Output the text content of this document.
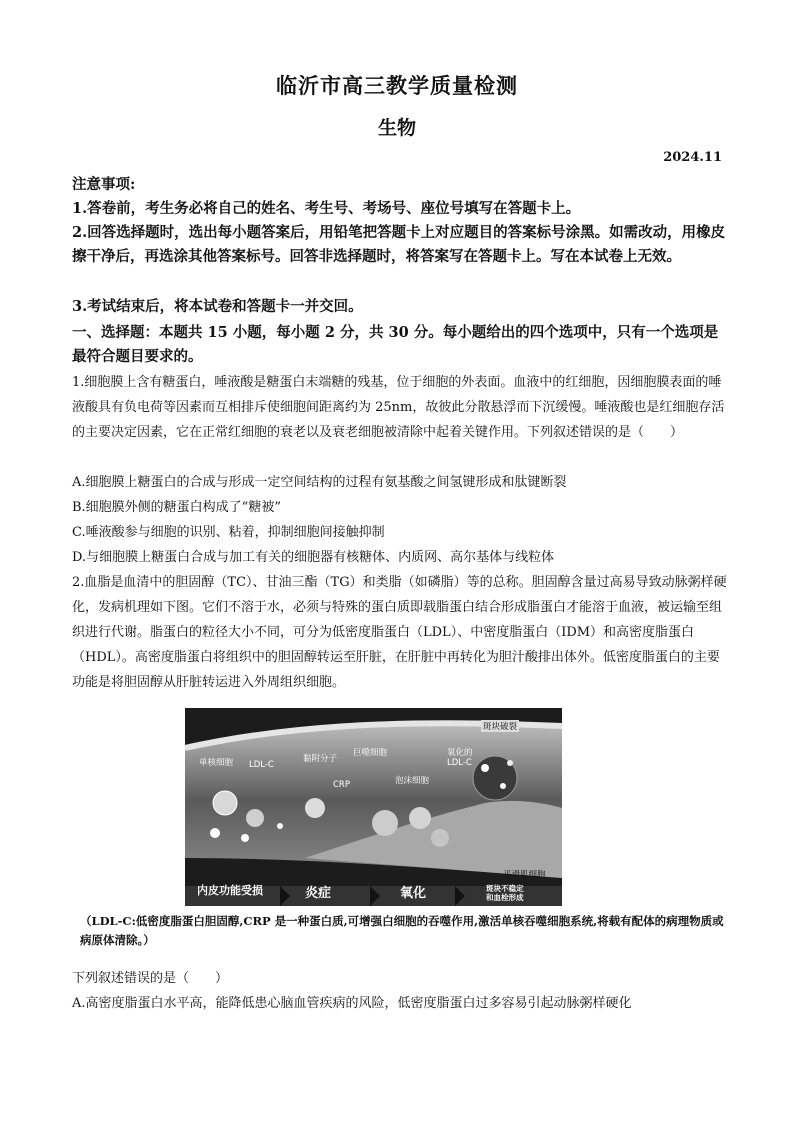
临沂市高三教学质量检测
生物
2024.11
注意事项:
1.答卷前，考生务必将自己的姓名、考生号、考场号、座位号填写在答题卡上。
2.回答选择题时，选出每小题答案后，用铅笔把答题卡上对应题目的答案标号涂黑。如需改动，用橡皮擦干净后，再选涂其他答案标号。回答非选择题时，将答案写在答题卡上。写在本试卷上无效。
3.考试结束后，将本试卷和答题卡一并交回。
一、选择题：本题共 15 小题，每小题 2 分，共 30 分。每小题给出的四个选项中，只有一个选项是最符合题目要求的。
1.细胞膜上含有糖蛋白，唾液酸是糖蛋白末端糖的残基，位于细胞的外表面。血液中的红细胞，因细胞膜表面的唾液酸具有负电荷等因素而互相排斥使细胞间距离约为 25nm，故彼此分散悬浮而下沉缓慢。唾液酸也是红细胞存活的主要决定因素，它在正常红细胞的衰老以及衰老细胞被清除中起着关键作用。下列叙述错误的是（　　）
A.细胞膜上糖蛋白的合成与形成一定空间结构的过程有氨基酸之间氢键形成和肽键断裂
B.细胞膜外侧的糖蛋白构成了“糖被”
C.唾液酸参与细胞的识别、粘着，抑制细胞间接触抑制
D.与细胞膜上糖蛋白合成与加工有关的细胞器有核糖体、内质网、高尔基体与线粒体
2.血脂是血清中的胆固醇（TC）、甘油三酯（TG）和类脂（如磷脂）等的总称。胆固醇含量过高易导致动脉粥样硬化，发病机理如下图。它们不溶于水，必须与特殊的蛋白质即载脂蛋白结合形成脂蛋白才能溶于血液，被运输至组织进行代谢。脂蛋白的粒径大小不同，可分为低密度脂蛋白（LDL）、中密度脂蛋白（IDM）和高密度脂蛋白（HDL）。高密度脂蛋白将组织中的胆固醇转运至肝脏，在肝脏中再转化为胆汁酸排出体外。低密度脂蛋白的主要功能是将胆固醇从肝脏转运进入外周组织细胞。
斑块破裂
单核细胞 LDL-C
黏附分子
巨噬细胞	氧化的
LDL-C
CRP	泡沫细胞
平滑肌细胞
内皮功能受损	炎症	氧化	斑块不稳定
和血栓形成
（LDL-C:低密度脂蛋白胆固醇,CRP 是一种蛋白质,可增强白细胞的吞噬作用,激活单核吞噬细胞系统,将载有配体的病理物质或病原体清除。）
下列叙述错误的是（　　）
A.高密度脂蛋白水平高，能降低患心脑血管疾病的风险，低密度脂蛋白过多容易引起动脉粥样硬化
